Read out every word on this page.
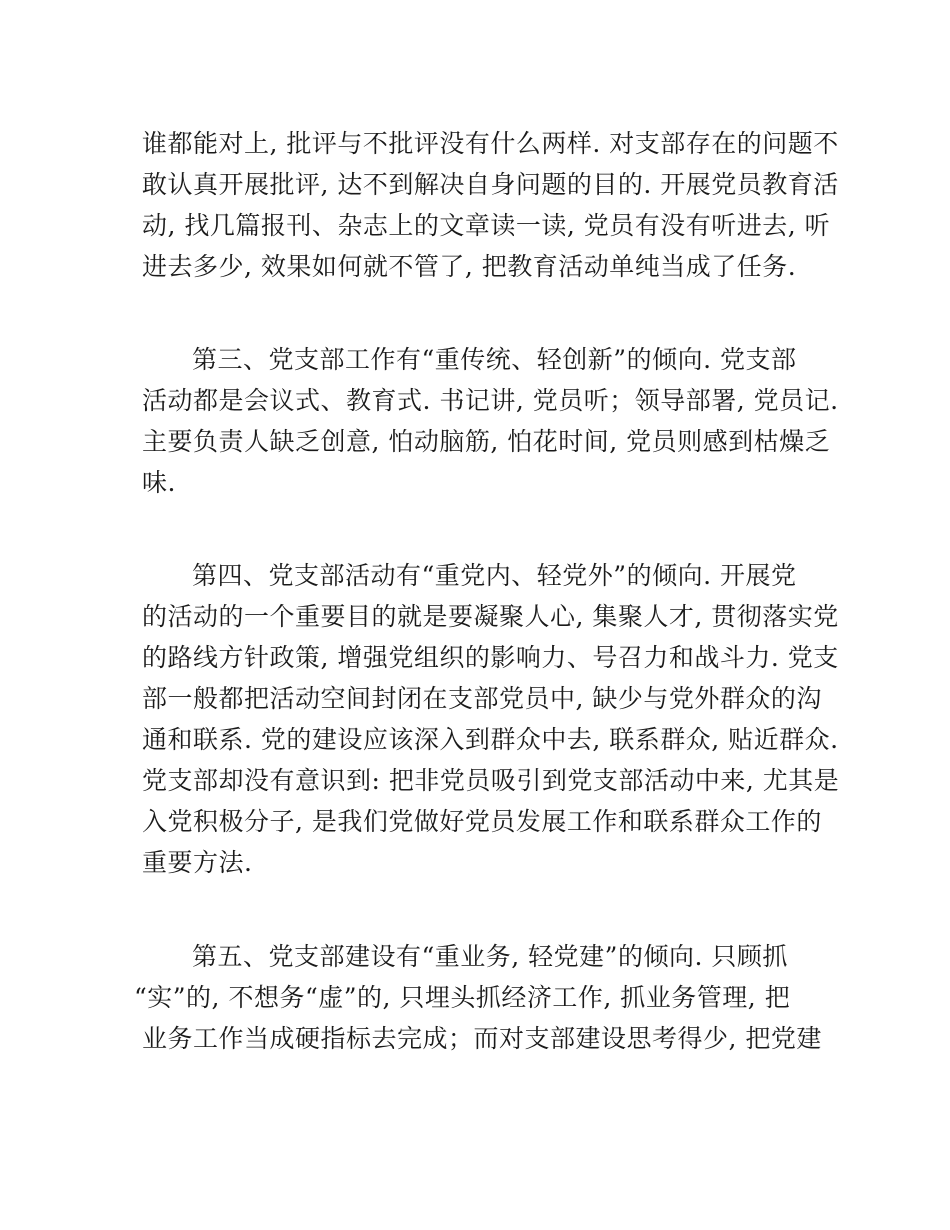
谁都能对上, 批评与不批评没有什么两样. 对支部存在的问题不
敢认真开展批评, 达不到解决自身问题的目的. 开展党员教育活
动, 找几篇报刊、杂志上的文章读一读, 党员有没有听进去, 听
进去多少, 效果如何就不管了, 把教育活动单纯当成了任务.
第三、党支部工作有“重传统、轻创新”的倾向. 党支部
活动都是会议式、教育式. 书记讲, 党员听；领导部署, 党员记.
主要负责人缺乏创意, 怕动脑筋, 怕花时间, 党员则感到枯燥乏
味.
第四、党支部活动有“重党内、轻党外”的倾向. 开展党
的活动的一个重要目的就是要凝聚人心, 集聚人才, 贯彻落实党
的路线方针政策, 增强党组织的影响力、号召力和战斗力. 党支
部一般都把活动空间封闭在支部党员中, 缺少与党外群众的沟
通和联系. 党的建设应该深入到群众中去, 联系群众, 贴近群众.
党支部却没有意识到: 把非党员吸引到党支部活动中来, 尤其是
入党积极分子, 是我们党做好党员发展工作和联系群众工作的
重要方法.
第五、党支部建设有“重业务, 轻党建”的倾向. 只顾抓
“实”的, 不想务“虚”的, 只埋头抓经济工作, 抓业务管理, 把
业务工作当成硬指标去完成；而对支部建设思考得少, 把党建
